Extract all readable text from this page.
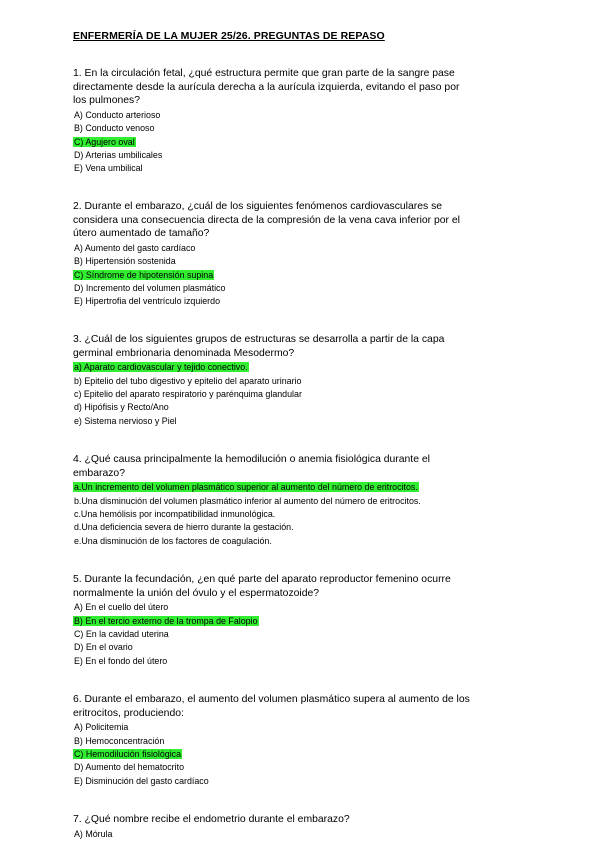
ENFERMERÍA DE LA MUJER 25/26. PREGUNTAS DE REPASO

1. En la circulación fetal, ¿qué estructura permite que gran parte de la sangre pase directamente desde la aurícula derecha a la aurícula izquierda, evitando el paso por los pulmones?

A) Conducto arterioso
B) Conducto venoso
C) Agujero oval
D) Arterias umbilicales
E) Vena umbilical

2. Durante el embarazo, ¿cuál de los siguientes fenómenos cardiovasculares se considera una consecuencia directa de la compresión de la vena cava inferior por el útero aumentado de tamaño?

A) Aumento del gasto cardíaco
B) Hipertensión sostenida
C) Síndrome de hipotensión supina
D) Incremento del volumen plasmático
E) Hipertrofia del ventrículo izquierdo

3. ¿Cuál de los siguientes grupos de estructuras se desarrolla a partir de la capa germinal embrionaria denominada Mesodermo?

a) Aparato cardiovascular y tejido conectivo.
b) Epitelio del tubo digestivo y epitelio del aparato urinario
c) Epitelio del aparato respiratorio y parénquima glandular
d) Hipófisis y Recto/Ano
e) Sistema nervioso y Piel

4. ¿Qué causa principalmente la hemodilución o anemia fisiológica durante el embarazo?

a.Un incremento del volumen plasmático superior al aumento del número de eritrocitos.
b.Una disminución del volumen plasmático inferior al aumento del número de eritrocitos.
c.Una hemólisis por incompatibilidad inmunológica.
d.Una deficiencia severa de hierro durante la gestación.
e.Una disminución de los factores de coagulación.

5. Durante la fecundación, ¿en qué parte del aparato reproductor femenino ocurre normalmente la unión del óvulo y el espermatozoide?

A) En el cuello del útero
B) En el tercio externo de la trompa de Falopio
C) En la cavidad uterina
D) En el ovario
E) En el fondo del útero

6. Durante el embarazo, el aumento del volumen plasmático supera al aumento de los eritrocitos, produciendo:

A) Policitemia
B) Hemoconcentración
C) Hemodilución fisiológica
D) Aumento del hematocrito
E) Disminución del gasto cardíaco

7. ¿Qué nombre recibe el endometrio durante el embarazo?

A) Mórula
